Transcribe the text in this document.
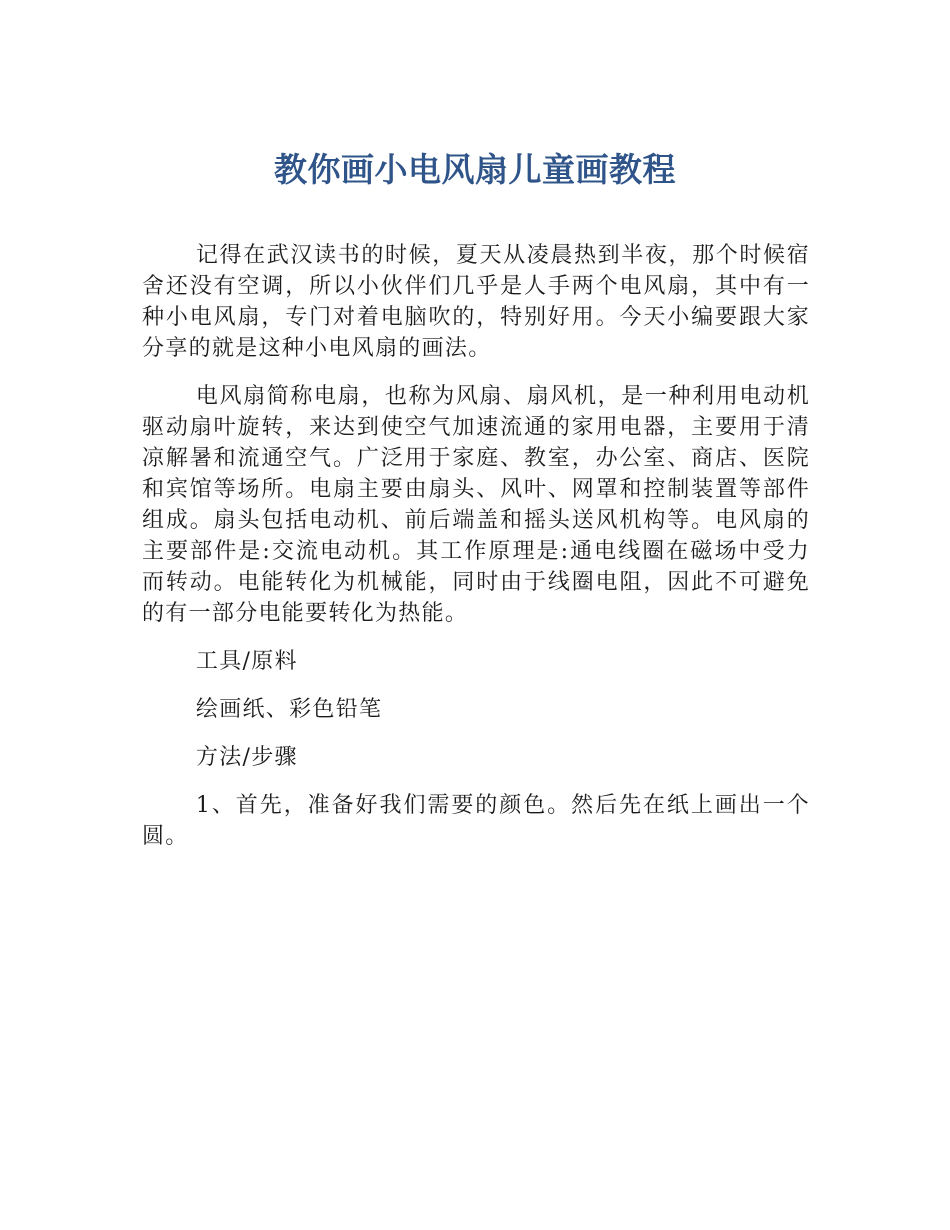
教你画小电风扇儿童画教程

记得在武汉读书的时候，夏天从凌晨热到半夜，那个时候宿舍还没有空调，所以小伙伴们几乎是人手两个电风扇，其中有一种小电风扇，专门对着电脑吹的，特别好用。今天小编要跟大家分享的就是这种小电风扇的画法。

电风扇简称电扇，也称为风扇、扇风机，是一种利用电动机驱动扇叶旋转，来达到使空气加速流通的家用电器，主要用于清凉解暑和流通空气。广泛用于家庭、教室，办公室、商店、医院和宾馆等场所。电扇主要由扇头、风叶、网罩和控制装置等部件组成。扇头包括电动机、前后端盖和摇头送风机构等。电风扇的主要部件是:交流电动机。其工作原理是:通电线圈在磁场中受力而转动。电能转化为机械能，同时由于线圈电阻，因此不可避免的有一部分电能要转化为热能。

工具/原料

绘画纸、彩色铅笔

方法/步骤

1、首先，准备好我们需要的颜色。然后先在纸上画出一个圆。
